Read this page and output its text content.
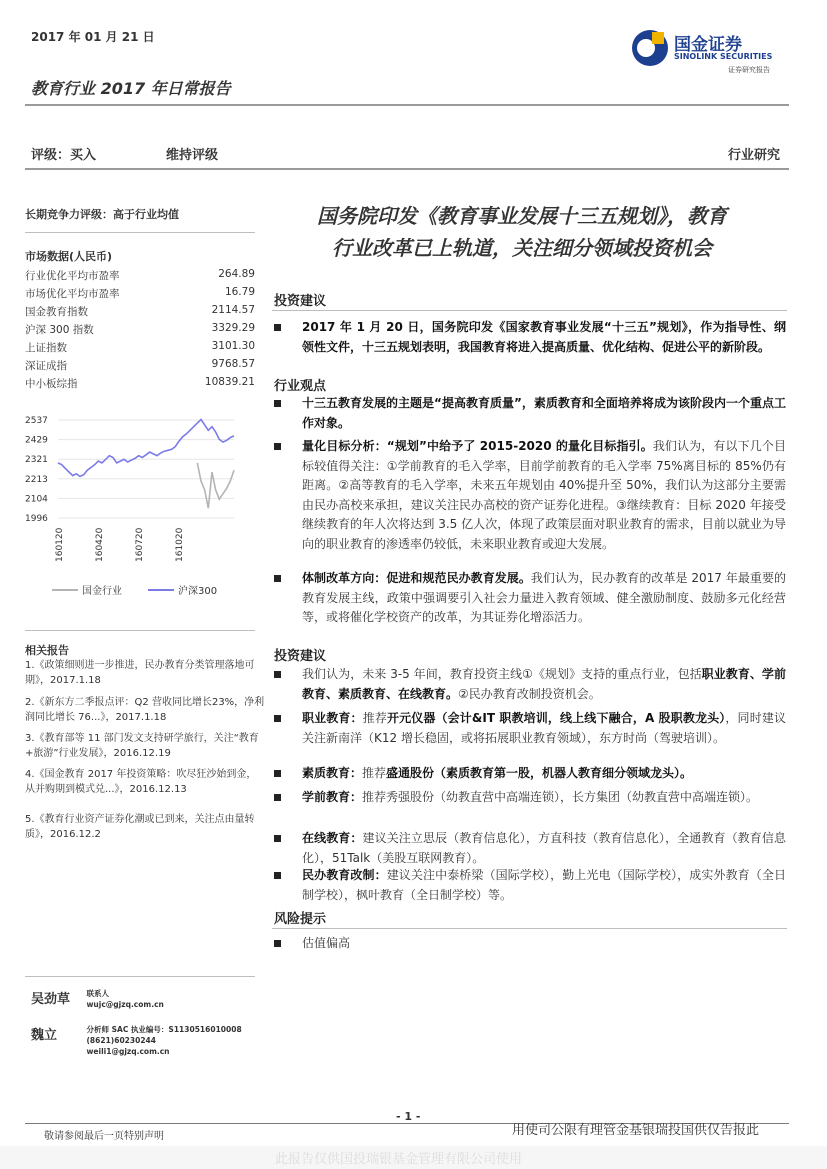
2017 年 01 月 21 日
教育行业 2017 年日常报告
国金证券
SINOLINK SECURITIES
证券研究报告
评级：买入	维持评级	行业研究
长期竞争力评级：高于行业均值
市场数据(人民币)
行业优化平均市盈率	264.89
市场优化平均市盈率	16.79
国金教育指数	2114.57
沪深 300 指数	3329.29
上证指数	3101.30
深证成指	9768.57
中小板综指	10839.21
2537
2429
2321
2213
2104
1996
160120	160420	160720	161020
国金行业	沪深300
相关报告
1.《政策细则进一步推进，民办教育分类管理落地可期》，2017.1.18
2.《新东方二季报点评：Q2 营收同比增长23%，净利润同比增长 76...》，2017.1.18
3.《教育部等 11 部门发文支持研学旅行，关注“教育+旅游”行业发展》，2016.12.19
4.《国金教育 2017 年投资策略：吹尽狂沙始到金，从并购期到模式兑...》，2016.12.13
5.《教育行业资产证券化潮或已到来，关注点由量转质》，2016.12.2
吴劲草 联系人
wujc@gjzq.com.cn
魏立	分析师 SAC 执业编号：S1130516010008
(8621)60230244
weili1@gjzq.com.cn
国务院印发《教育事业发展十三五规划》，教育
行业改革已上轨道，关注细分领域投资机会
投资建议
2017 年 1 月 20 日，国务院印发《国家教育事业发展“十三五”规划》，作为指导性、纲领性文件，十三五规划表明，我国教育将进入提高质量、优化结构、促进公平的新阶段。
行业观点
十三五教育发展的主题是“提高教育质量”，素质教育和全面培养将成为该阶段内一个重点工作对象。
量化目标分析：“规划”中给予了 2015-2020 的量化目标指引。我们认为，有以下几个目标较值得关注：①学前教育的毛入学率，目前学前教育的毛入学率 75%离目标的 85%仍有距离。②高等教育的毛入学率，未来五年规划由 40%提升至 50%，我们认为这部分主要需由民办高校来承担，建议关注民办高校的资产证券化进程。③继续教育：目标 2020 年接受继续教育的年人次将达到 3.5 亿人次，体现了政策层面对职业教育的需求，目前以就业为导向的职业教育的渗透率仍较低，未来职业教育或迎大发展。
体制改革方向：促进和规范民办教育发展。我们认为，民办教育的改革是 2017 年最重要的教育发展主线，政策中强调要引入社会力量进入教育领域、健全激励制度、鼓励多元化经营等，或将催化学校资产的改革，为其证券化增添活力。
投资建议
我们认为，未来 3-5 年间，教育投资主线①《规划》支持的重点行业，包括职业教育、学前教育、素质教育、在线教育。②民办教育改制投资机会。
职业教育：推荐开元仪器（会计&IT 职教培训，线上线下融合，A 股职教龙头），同时建议关注新南洋（K12 增长稳固，或将拓展职业教育领域），东方时尚（驾驶培训）。
素质教育：推荐盛通股份（素质教育第一股，机器人教育细分领域龙头）。
学前教育：推荐秀强股份（幼教直营中高端连锁），长方集团（幼教直营中高端连锁）。
在线教育：建议关注立思辰（教育信息化），方直科技（教育信息化），全通教育（教育信息化），51Talk（美股互联网教育）。
民办教育改制：建议关注中泰桥梁（国际学校），勤上光电（国际学校），成实外教育（全日制学校），枫叶教育（全日制学校）等。
风险提示
估值偏高
- 1 -
敬请参阅最后一页特别声明	用使司公限有理管金基银瑞投国供仅告报此
此报告仅供国投瑞银基金管理有限公司使用
